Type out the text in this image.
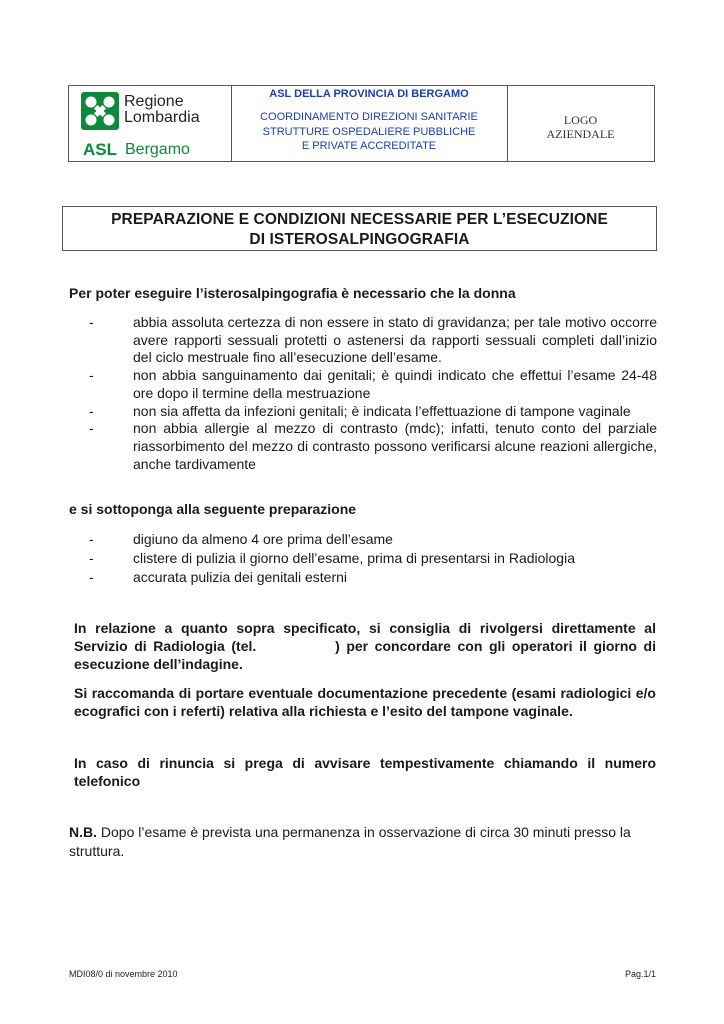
Regione
Lombardia
ASL Bergamo
ASL DELLA PROVINCIA DI BERGAMO
COORDINAMENTO DIREZIONI SANITARIE
STRUTTURE OSPEDALIERE PUBBLICHE
E PRIVATE ACCREDITATE
LOGO
AZIENDALE
PREPARAZIONE E CONDIZIONI NECESSARIE PER L’ESECUZIONE
DI ISTEROSALPINGOGRAFIA
Per poter eseguire l’isterosalpingografia è necessario che la donna
-	abbia assoluta certezza di non essere in stato di gravidanza; per tale motivo occorre avere rapporti sessuali protetti o astenersi da rapporti sessuali completi dall’inizio del ciclo mestruale fino all’esecuzione dell’esame.
-	non abbia sanguinamento dai genitali; è quindi indicato che effettui l’esame 24-48 ore dopo il termine della mestruazione
-	non sia affetta da infezioni genitali; è indicata l’effettuazione di tampone vaginale
-	non abbia allergie al mezzo di contrasto (mdc); infatti, tenuto conto del parziale riassorbimento del mezzo di contrasto possono verificarsi alcune reazioni allergiche, anche tardivamente
e si sottoponga alla seguente preparazione
-	digiuno da almeno 4 ore prima dell’esame
-	clistere di pulizia il giorno dell’esame, prima di presentarsi in Radiologia
-	accurata pulizia dei genitali esterni
In relazione a quanto sopra specificato, si consiglia di rivolgersi direttamente al Servizio di Radiologia (tel.            ) per concordare con gli operatori il giorno di esecuzione dell’indagine.
Si raccomanda di portare eventuale documentazione precedente (esami radiologici e/o ecografici con i referti) relativa alla richiesta e l’esito del tampone vaginale.
In caso di rinuncia si prega di avvisare tempestivamente chiamando il numero telefonico
N.B. Dopo l’esame è prevista una permanenza in osservazione di circa 30 minuti presso la struttura.
MDI08/0 di novembre 2010	Pag.1/1
